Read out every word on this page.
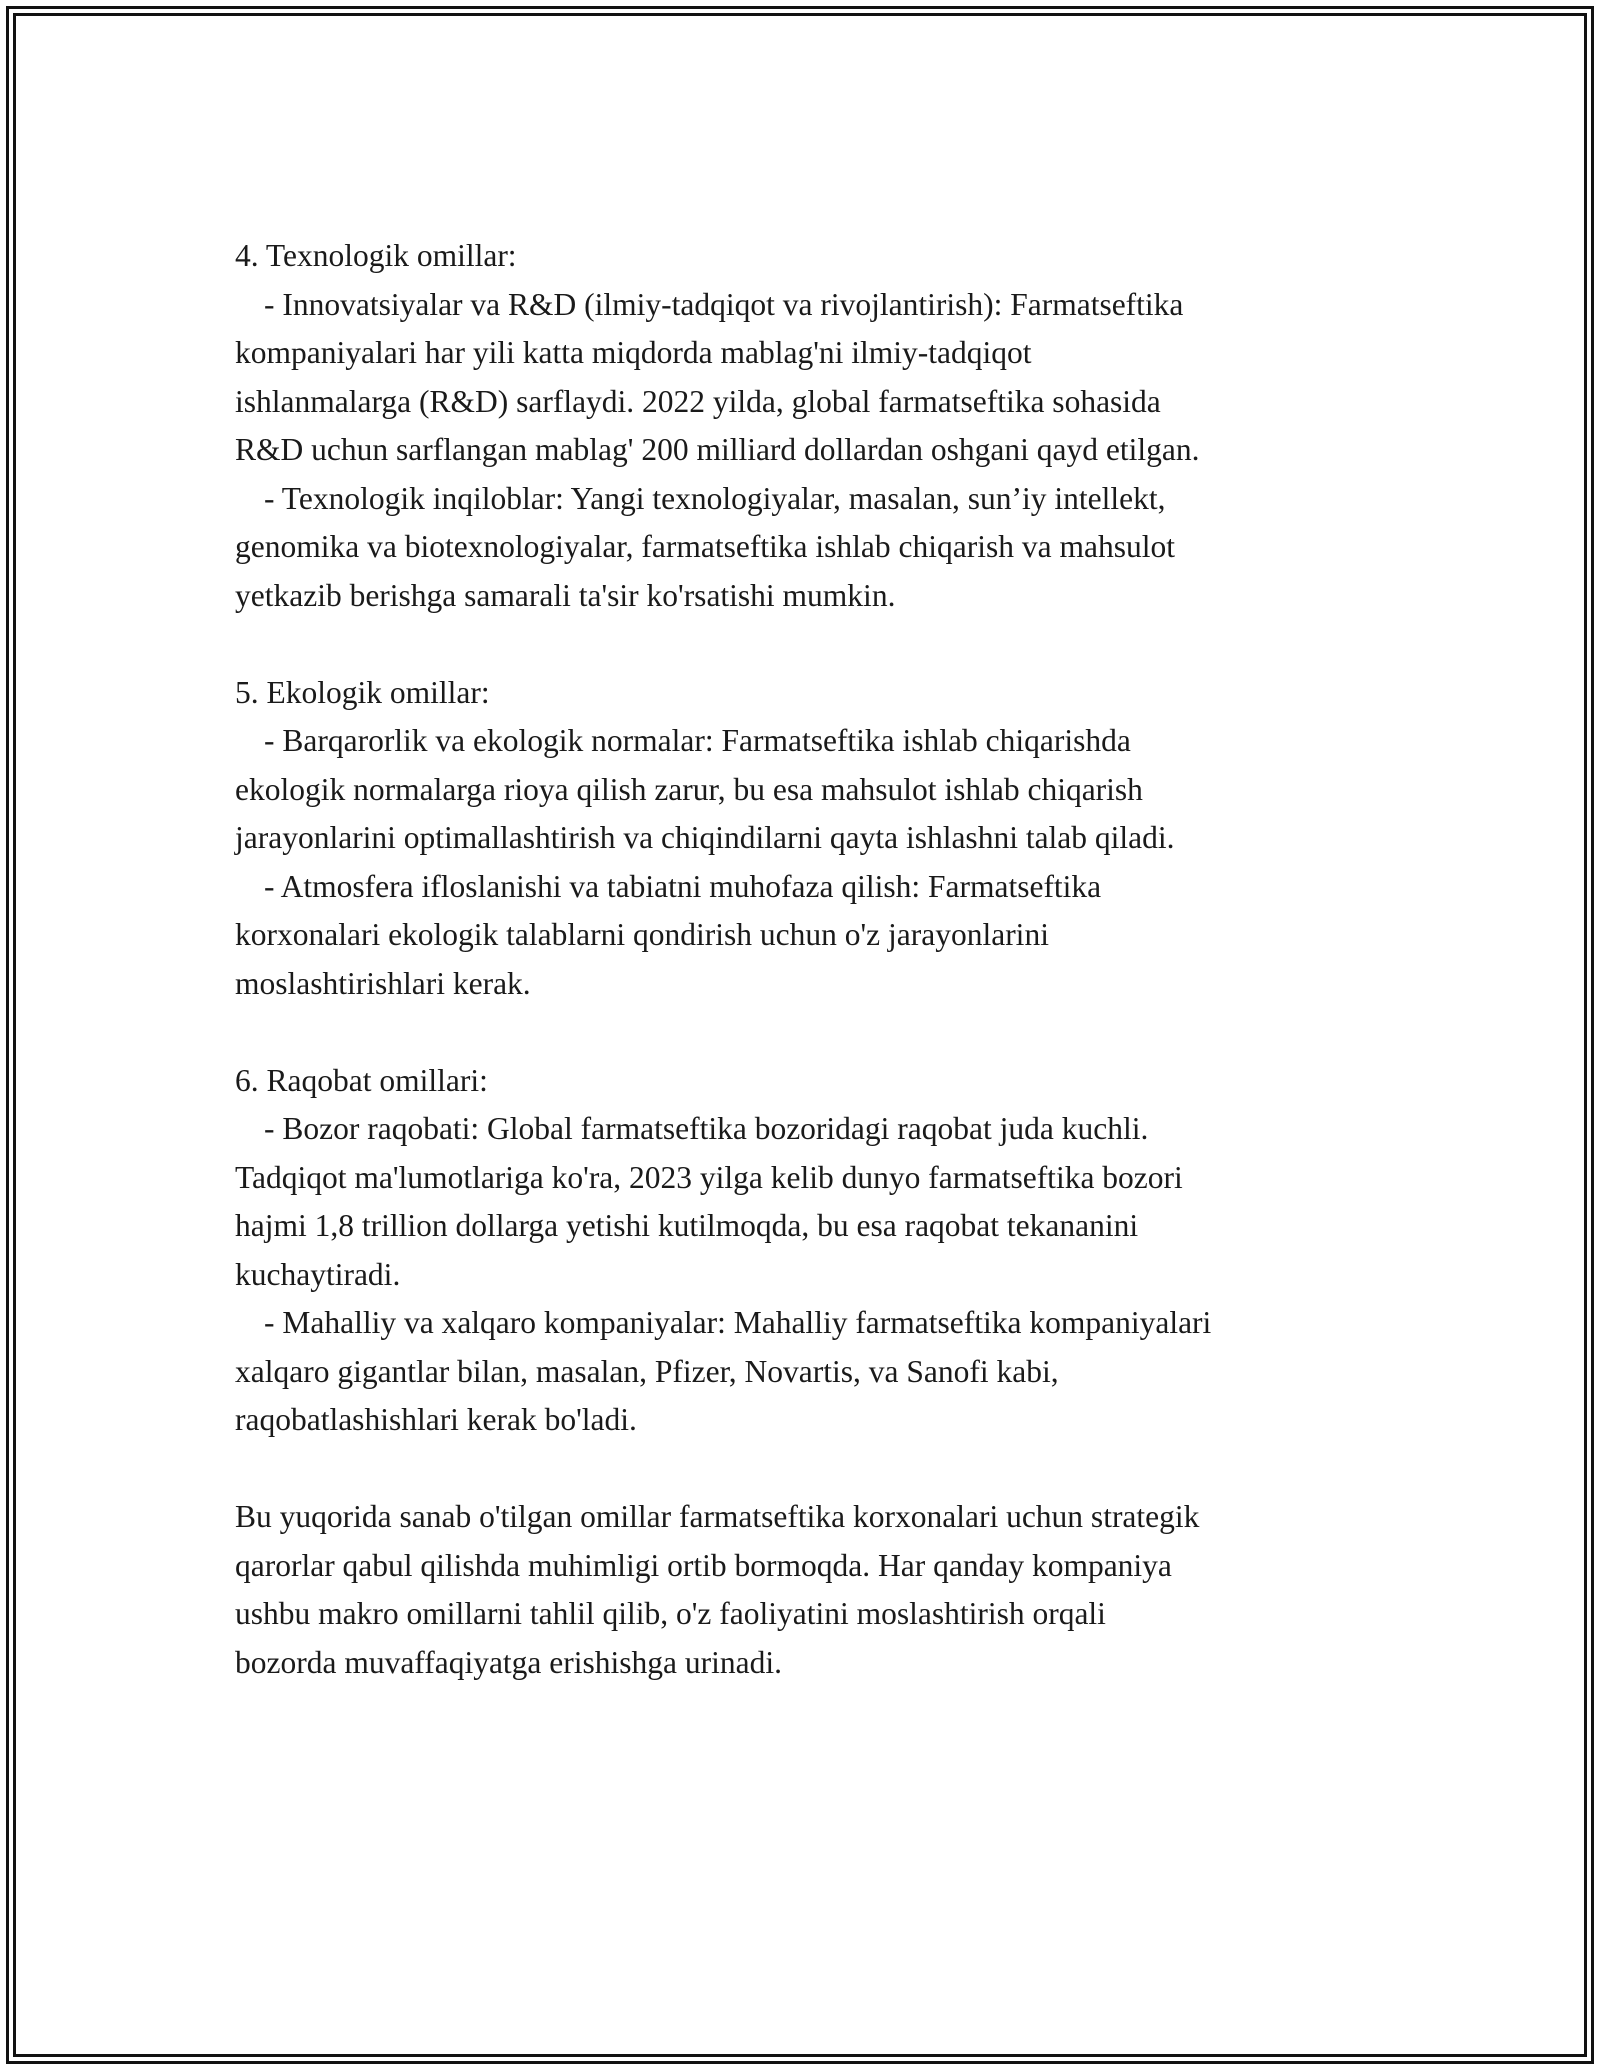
4. Texnologik omillar:
- Innovatsiyalar va R&D (ilmiy-tadqiqot va rivojlantirish): Farmatseftika
kompaniyalari har yili katta miqdorda mablag'ni ilmiy-tadqiqot
ishlanmalarga (R&D) sarflaydi. 2022 yilda, global farmatseftika sohasida
R&D uchun sarflangan mablag' 200 milliard dollardan oshgani qayd etilgan.
- Texnologik inqiloblar: Yangi texnologiyalar, masalan, sun’iy intellekt,
genomika va biotexnologiyalar, farmatseftika ishlab chiqarish va mahsulot
yetkazib berishga samarali ta'sir ko'rsatishi mumkin.
5. Ekologik omillar:
- Barqarorlik va ekologik normalar: Farmatseftika ishlab chiqarishda
ekologik normalarga rioya qilish zarur, bu esa mahsulot ishlab chiqarish
jarayonlarini optimallashtirish va chiqindilarni qayta ishlashni talab qiladi.
- Atmosfera ifloslanishi va tabiatni muhofaza qilish: Farmatseftika
korxonalari ekologik talablarni qondirish uchun o'z jarayonlarini
moslashtirishlari kerak.
6. Raqobat omillari:
- Bozor raqobati: Global farmatseftika bozoridagi raqobat juda kuchli.
Tadqiqot ma'lumotlariga ko'ra, 2023 yilga kelib dunyo farmatseftika bozori
hajmi 1,8 trillion dollarga yetishi kutilmoqda, bu esa raqobat tekananini
kuchaytiradi.
- Mahalliy va xalqaro kompaniyalar: Mahalliy farmatseftika kompaniyalari
xalqaro gigantlar bilan, masalan, Pfizer, Novartis, va Sanofi kabi,
raqobatlashishlari kerak bo'ladi.
Bu yuqorida sanab o'tilgan omillar farmatseftika korxonalari uchun strategik
qarorlar qabul qilishda muhimligi ortib bormoqda. Har qanday kompaniya
ushbu makro omillarni tahlil qilib, o'z faoliyatini moslashtirish orqali
bozorda muvaffaqiyatga erishishga urinadi.
